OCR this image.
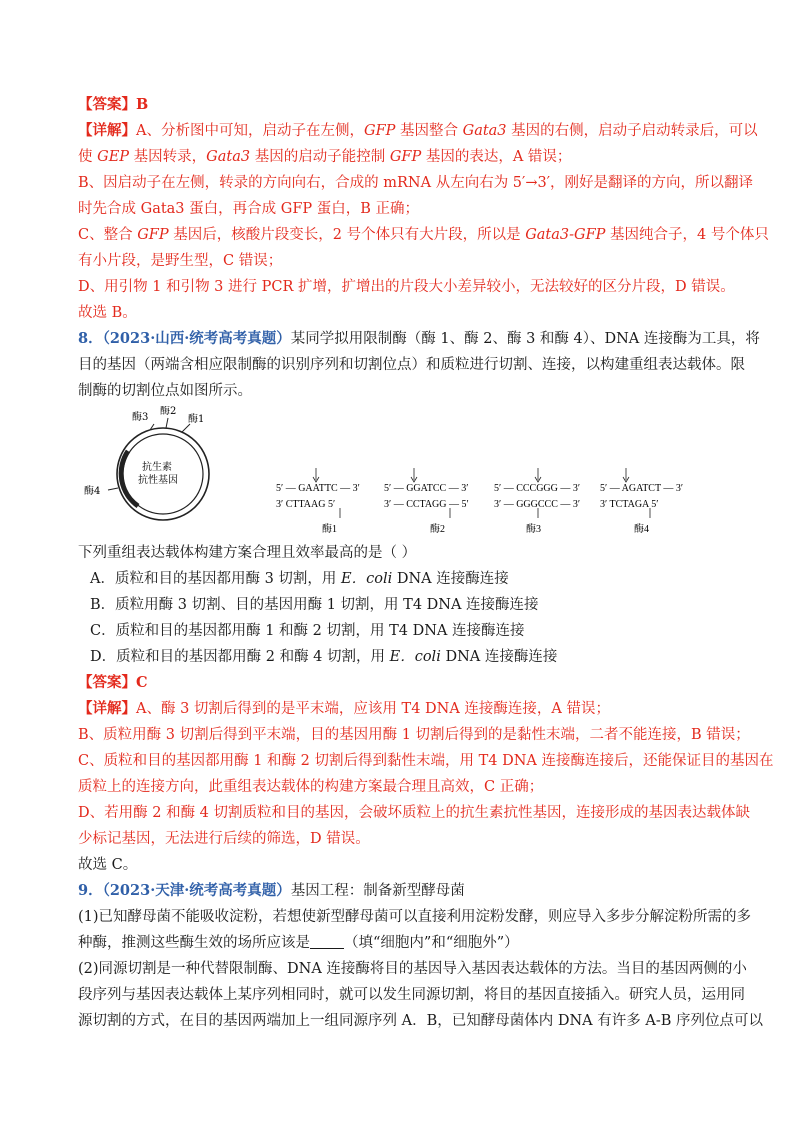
【答案】B
【详解】A、分析图中可知，启动子在左侧，GFP 基因整合 Gata3 基因的右侧，启动子启动转录后，可以
使 GEP 基因转录，Gata3 基因的启动子能控制 GFP 基因的表达，A 错误；
B、因启动子在左侧，转录的方向向右，合成的 mRNA 从左向右为 5′→3′，刚好是翻译的方向，所以翻译
时先合成 Gata3 蛋白，再合成 GFP 蛋白，B 正确；
C、整合 GFP 基因后，核酸片段变长，2 号个体只有大片段，所以是 Gata3-GFP 基因纯合子，4 号个体只
有小片段，是野生型，C 错误；
D、用引物 1 和引物 3 进行 PCR 扩增，扩增出的片段大小差异较小，无法较好的区分片段，D 错误。
故选 B。
8．（2023·山西·统考高考真题）某同学拟用限制酶（酶 1、酶 2、酶 3 和酶 4）、DNA 连接酶为工具，将
目的基因（两端含相应限制酶的识别序列和切割位点）和质粒进行切割、连接，以构建重组表达载体。限
制酶的切割位点如图所示。
酶3
酶2
酶1
酶4
抗生素
抗性基因
5′ — GAATTC — 3′
3′ CTTAAG 5′
酶1
5′ — GGATCC — 3′
3′ — CCTAGG — 5′
酶2
5′ — CCCGGG — 3′
3′ — GGGCCC — 3′
酶3
5′ — AGATCT — 3′
3′ TCTAGA 5′
酶4
下列重组表达载体构建方案合理且效率最高的是（ ）
A．质粒和目的基因都用酶 3 切割，用 E．coli DNA 连接酶连接
B．质粒用酶 3 切割、目的基因用酶 1 切割，用 T4 DNA 连接酶连接
C．质粒和目的基因都用酶 1 和酶 2 切割，用 T4 DNA 连接酶连接
D．质粒和目的基因都用酶 2 和酶 4 切割，用 E．coli DNA 连接酶连接
【答案】C
【详解】A、酶 3 切割后得到的是平末端，应该用 T4 DNA 连接酶连接，A 错误；
B、质粒用酶 3 切割后得到平末端，目的基因用酶 1 切割后得到的是黏性末端，二者不能连接，B 错误；
C、质粒和目的基因都用酶 1 和酶 2 切割后得到黏性末端，用 T4 DNA 连接酶连接后，还能保证目的基因在
质粒上的连接方向，此重组表达载体的构建方案最合理且高效，C 正确；
D、若用酶 2 和酶 4 切割质粒和目的基因，会破坏质粒上的抗生素抗性基因，连接形成的基因表达载体缺
少标记基因，无法进行后续的筛选，D 错误。
故选 C。
9．（2023·天津·统考高考真题）基因工程：制备新型酵母菌
(1)已知酵母菌不能吸收淀粉，若想使新型酵母菌可以直接利用淀粉发酵，则应导入多步分解淀粉所需的多
种酶，推测这些酶生效的场所应该是 （填“细胞内”和“细胞外”）
(2)同源切割是一种代替限制酶、DNA 连接酶将目的基因导入基因表达载体的方法。当目的基因两侧的小
段序列与基因表达载体上某序列相同时，就可以发生同源切割，将目的基因直接插入。研究人员，运用同
源切割的方式，在目的基因两端加上一组同源序列 A．B，已知酵母菌体内 DNA 有许多 A-B 序列位点可以
